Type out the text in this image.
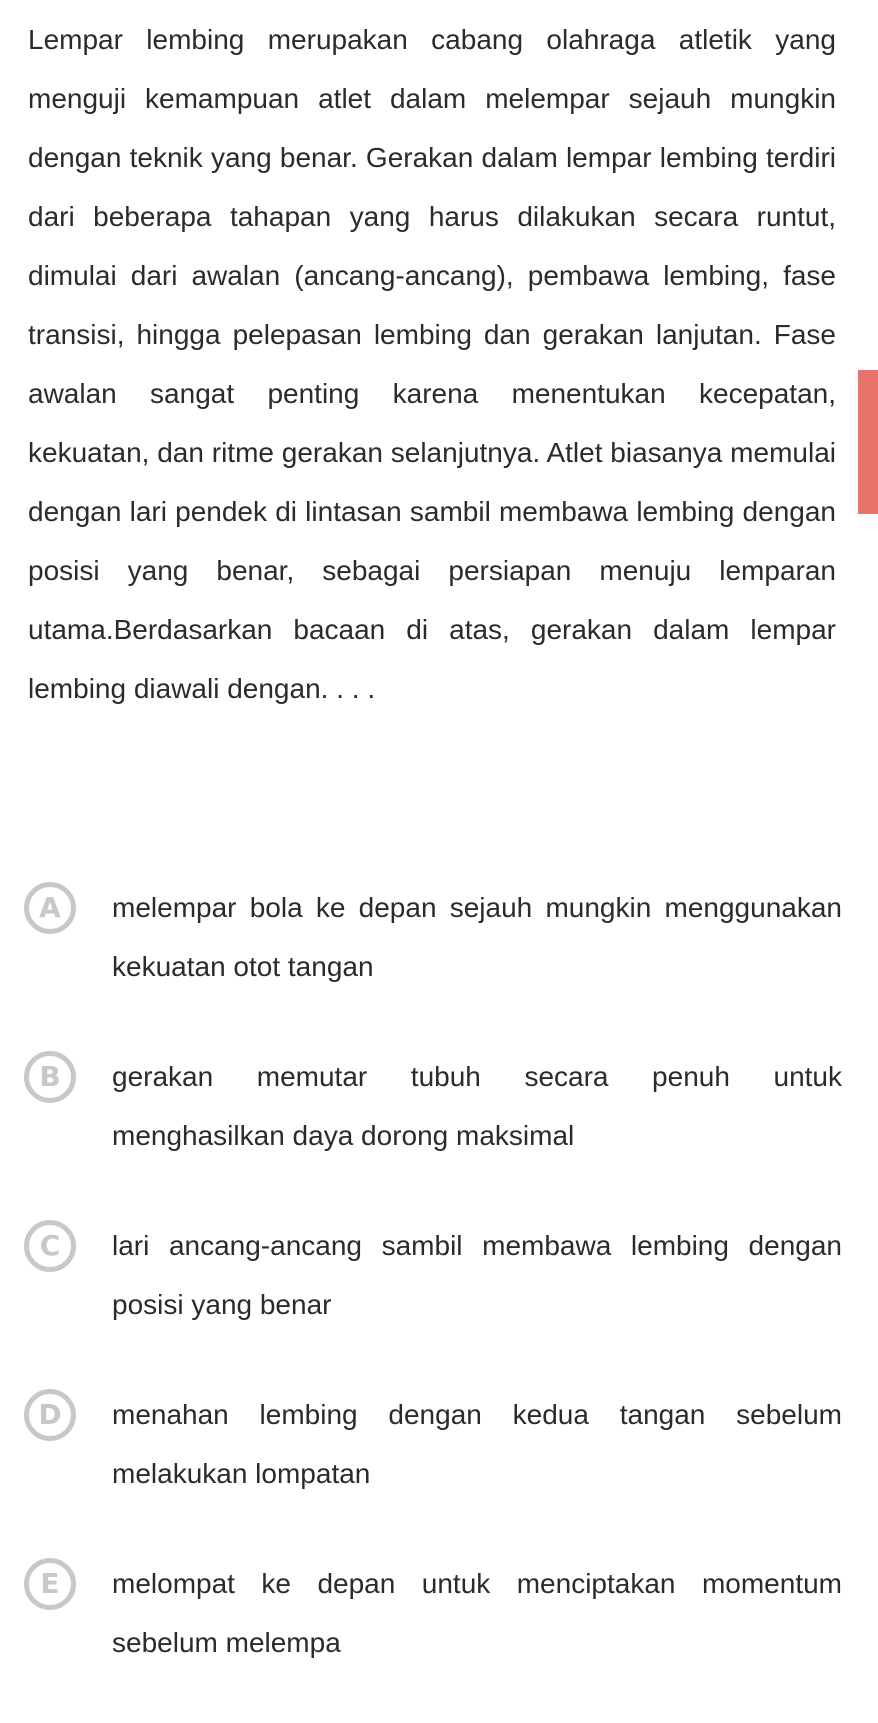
Lempar lembing merupakan cabang olahraga atletik yang menguji kemampuan atlet dalam melempar sejauh mungkin dengan teknik yang benar. Gerakan dalam lempar lembing terdiri dari beberapa tahapan yang harus dilakukan secara runtut, dimulai dari awalan (ancang-ancang), pembawa lembing, fase transisi, hingga pelepasan lembing dan gerakan lanjutan. Fase awalan sangat penting karena menentukan kecepatan, kekuatan, dan ritme gerakan selanjutnya. Atlet biasanya memulai dengan lari pendek di lintasan sambil membawa lembing dengan posisi yang benar, sebagai persiapan menuju lemparan utama.Berdasarkan bacaan di atas, gerakan dalam lempar lembing diawali dengan. . . .

A	melempar bola ke depan sejauh mungkin menggunakan kekuatan otot tangan

B	gerakan memutar tubuh secara penuh untuk menghasilkan daya dorong maksimal

C	lari ancang-ancang sambil membawa lembing dengan posisi yang benar

D	menahan lembing dengan kedua tangan sebelum melakukan lompatan

E	melompat ke depan untuk menciptakan momentum sebelum melempa
